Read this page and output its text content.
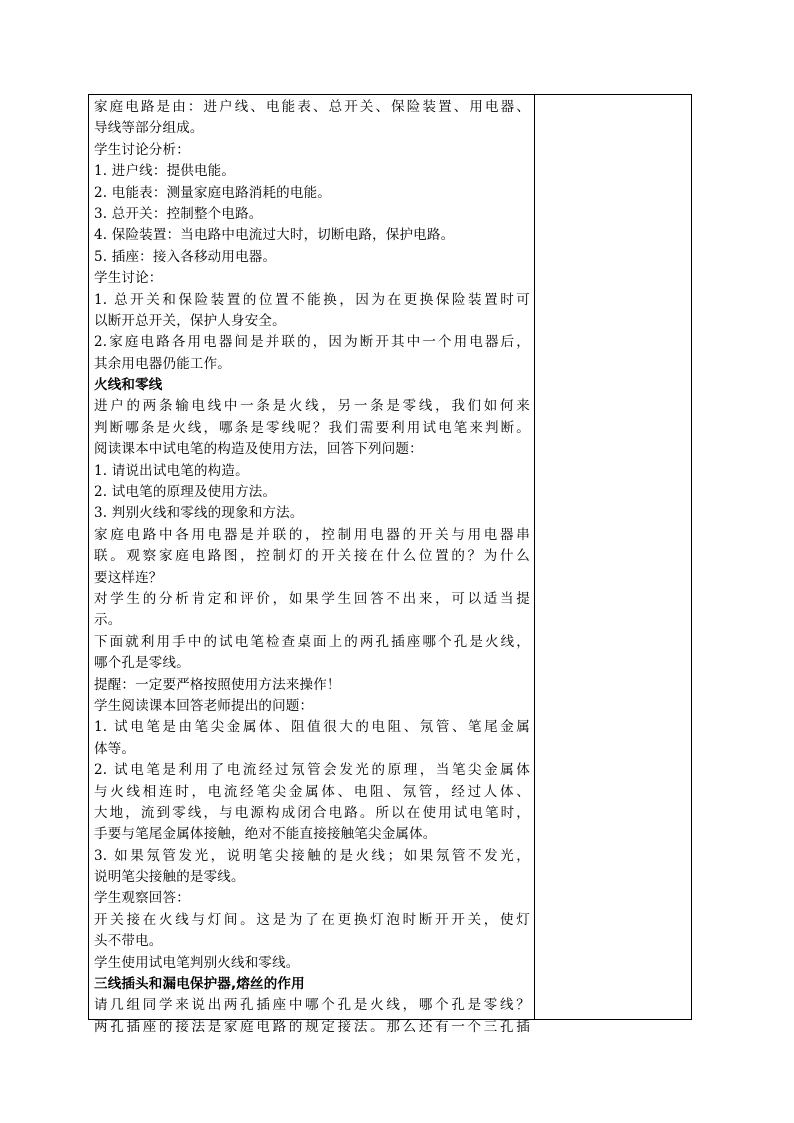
家庭电路是由：进户线、电能表、总开关、保险装置、用电器、
导线等部分组成。
学生讨论分析：
1. 进户线：提供电能。
2. 电能表：测量家庭电路消耗的电能。
3. 总开关：控制整个电路。
4. 保险装置：当电路中电流过大时，切断电路，保护电路。
5. 插座：接入各移动用电器。
学生讨论：
1. 总开关和保险装置的位置不能换，因为在更换保险装置时可
以断开总开关，保护人身安全。
2.家庭电路各用电器间是并联的，因为断开其中一个用电器后，
其余用电器仍能工作。
火线和零线
进户的两条输电线中一条是火线，另一条是零线，我们如何来
判断哪条是火线，哪条是零线呢？我们需要利用试电笔来判断。
阅读课本中试电笔的构造及使用方法，回答下列问题：
1. 请说出试电笔的构造。
2. 试电笔的原理及使用方法。
3. 判别火线和零线的现象和方法。
家庭电路中各用电器是并联的，控制用电器的开关与用电器串
联。观察家庭电路图，控制灯的开关接在什么位置的？为什么
要这样连？
对学生的分析肯定和评价，如果学生回答不出来，可以适当提
示。
下面就利用手中的试电笔检查桌面上的两孔插座哪个孔是火线，
哪个孔是零线。
提醒：一定要严格按照使用方法来操作！
学生阅读课本回答老师提出的问题：
1. 试电笔是由笔尖金属体、阻值很大的电阻、氖管、笔尾金属
体等。
2. 试电笔是利用了电流经过氖管会发光的原理，当笔尖金属体
与火线相连时，电流经笔尖金属体、电阻、氖管，经过人体、
大地，流到零线，与电源构成闭合电路。所以在使用试电笔时，
手要与笔尾金属体接触，绝对不能直接接触笔尖金属体。
3. 如果氖管发光，说明笔尖接触的是火线；如果氖管不发光，
说明笔尖接触的是零线。
学生观察回答：
开关接在火线与灯间。这是为了在更换灯泡时断开开关，使灯
头不带电。
学生使用试电笔判别火线和零线。
三线插头和漏电保护器,熔丝的作用
请几组同学来说出两孔插座中哪个孔是火线，哪个孔是零线？
两孔插座的接法是家庭电路的规定接法。那么还有一个三孔插
